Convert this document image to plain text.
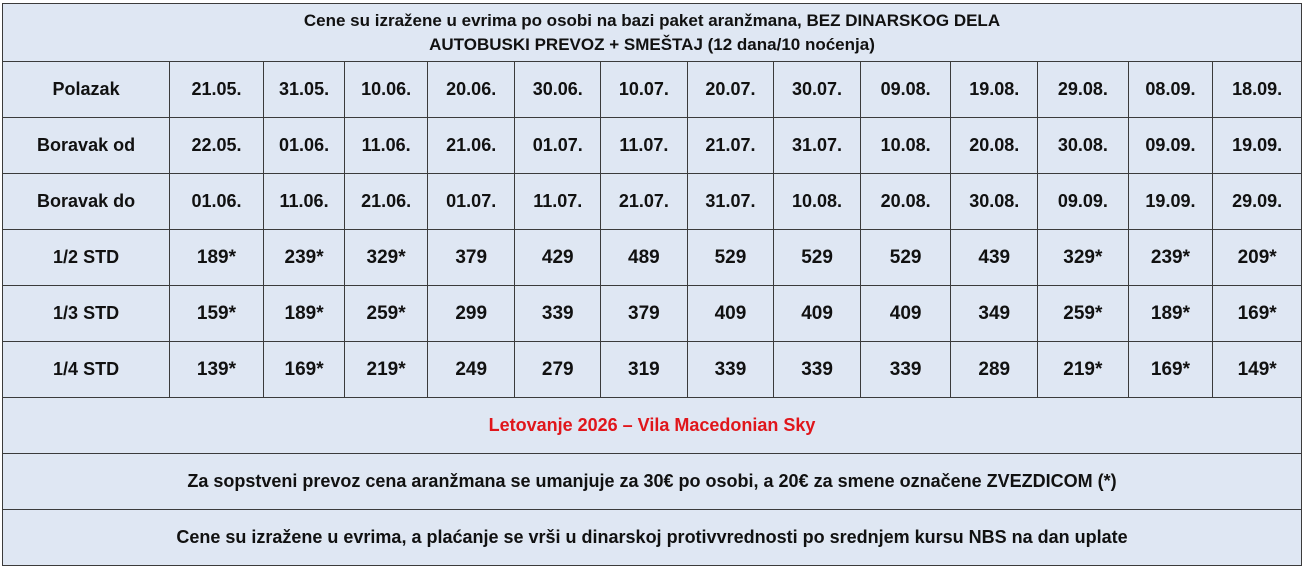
Cene su izražene u evrima po osobi na bazi paket aranžmana, BEZ DINARSKOG DELA
AUTOBUSKI PREVOZ + SMEŠTAJ (12 dana/10 noćenja)													

Polazak	21.05.	31.05.	10.06.	20.06.	30.06.	10.07.	20.07.	30.07.	09.08.	19.08.	29.08.	08.09.	18.09.
Boravak od	22.05.	01.06.	11.06.	21.06.	01.07.	11.07.	21.07.	31.07.	10.08.	20.08.	30.08.	09.09.	19.09.
Boravak do	01.06.	11.06.	21.06.	01.07.	11.07.	21.07.	31.07.	10.08.	20.08.	30.08.	09.09.	19.09.	29.09.
1/2 STD	189*	239*	329*	379	429	489	529	529	529	439	329*	239*	209*
1/3 STD	159*	189*	259*	299	339	379	409	409	409	349	259*	189*	169*
1/4 STD	139*	169*	219*	249	279	319	339	339	339	289	219*	169*	149*
Letovanje 2026 – Vila Macedonian Sky													
Za sopstveni prevoz cena aranžmana se umanjuje za 30€ po osobi, a 20€ za smene označene ZVEZDICOM (*)													
Cene su izražene u evrima, a plaćanje se vrši u dinarskoj protivvrednosti po srednjem kursu NBS na dan uplate													
